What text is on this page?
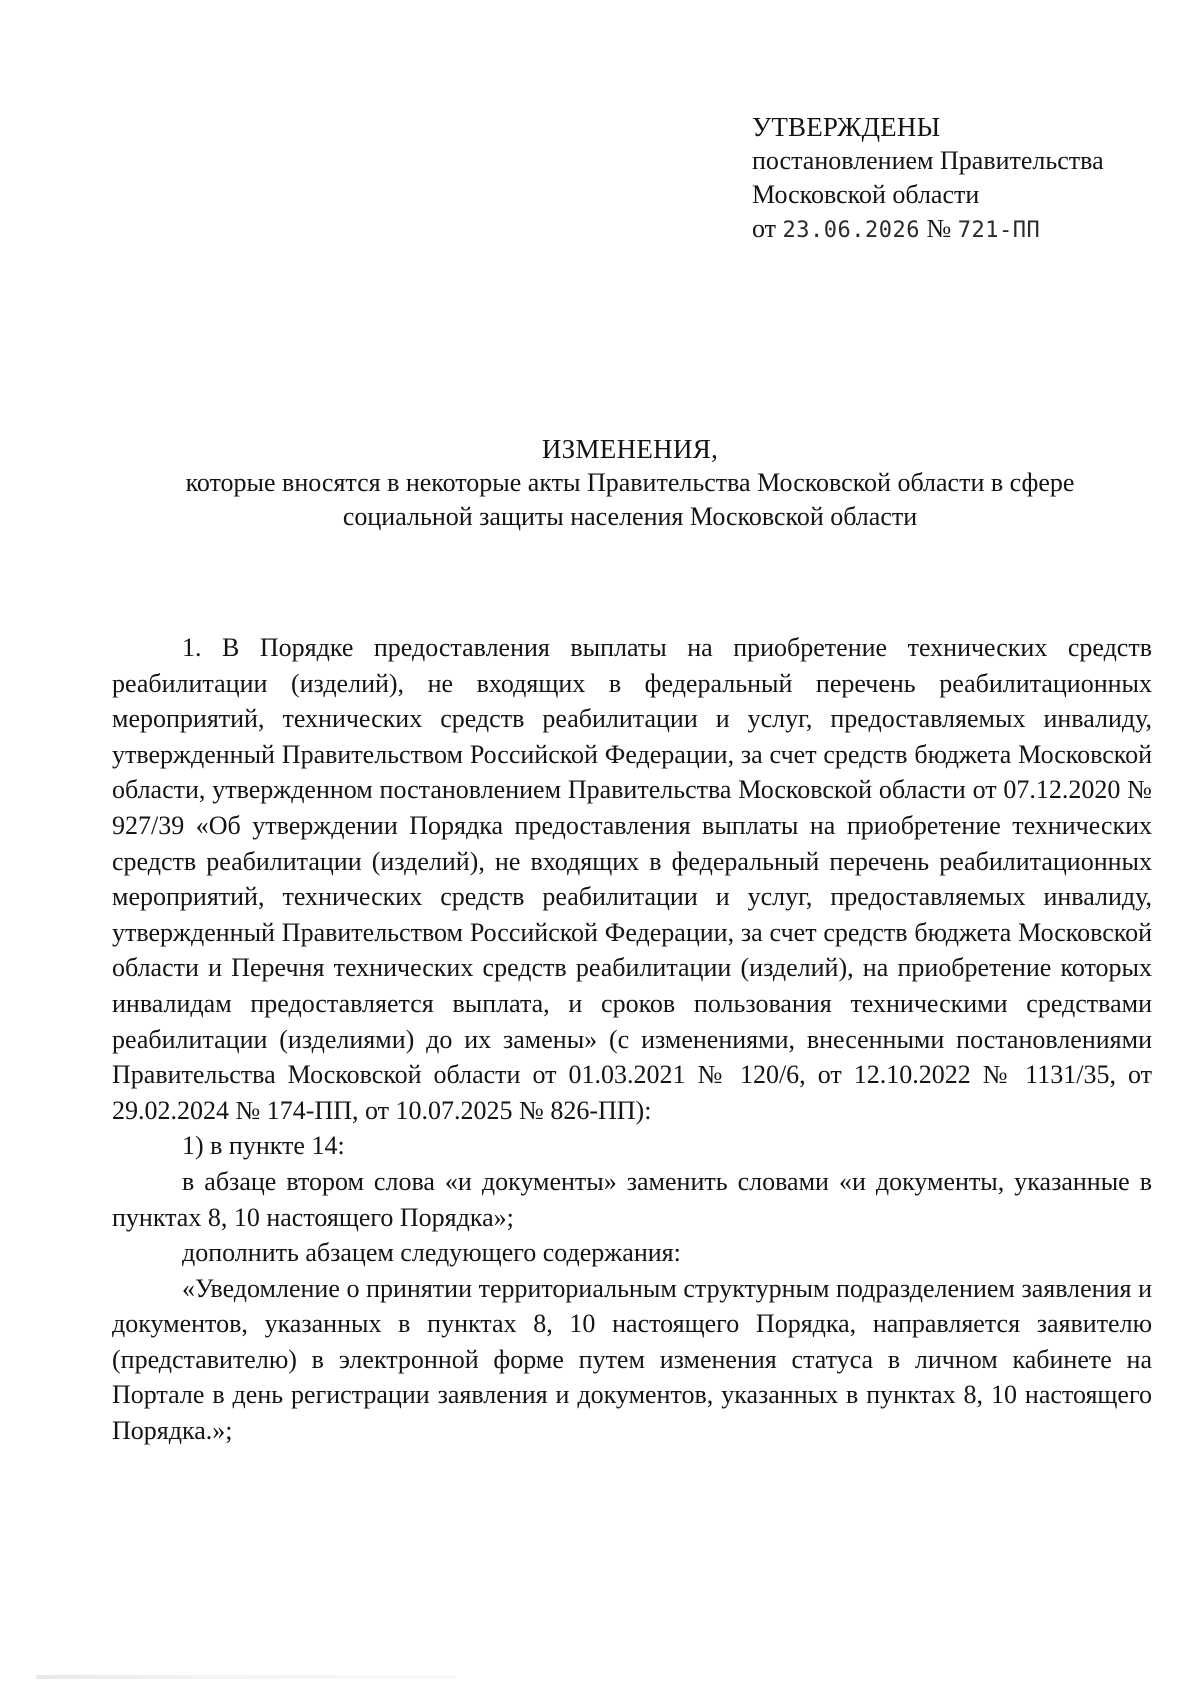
УТВЕРЖДЕНЫ
постановлением Правительства
Московской области
от 23.06.2026 № 721-ПП
ИЗМЕНЕНИЯ,
которые вносятся в некоторые акты Правительства Московской области в сфере
социальной защиты населения Московской области

1. В Порядке предоставления выплаты на приобретение технических средств реабилитации (изделий), не входящих в федеральный перечень реабилитационных мероприятий, технических средств реабилитации и услуг, предоставляемых инвалиду, утвержденный Правительством Российской Федерации, за счет средств бюджета Московской области, утвержденном постановлением Правительства Московской области от 07.12.2020 № 927/39 «Об утверждении Порядка предоставления выплаты на приобретение технических средств реабилитации (изделий), не входящих в федеральный перечень реабилитационных мероприятий, технических средств реабилитации и услуг, предоставляемых инвалиду, утвержденный Правительством Российской Федерации, за счет средств бюджета Московской области и Перечня технических средств реабилитации (изделий), на приобретение которых инвалидам предоставляется выплата, и сроков пользования техническими средствами реабилитации (изделиями) до их замены» (с изменениями, внесенными постановлениями Правительства Московской области от 01.03.2021 № 120/6, от 12.10.2022 № 1131/35, от 29.02.2024 № 174-ПП, от 10.07.2025 № 826-ПП):

1) в пункте 14:

в абзаце втором слова «и документы» заменить словами «и документы, указанные в пунктах 8, 10 настоящего Порядка»;

дополнить абзацем следующего содержания:

«Уведомление о принятии территориальным структурным подразделением заявления и документов, указанных в пунктах 8, 10 настоящего Порядка, направляется заявителю (представителю) в электронной форме путем изменения статуса в личном кабинете на Портале в день регистрации заявления и документов, указанных в пунктах 8, 10 настоящего Порядка.»;
